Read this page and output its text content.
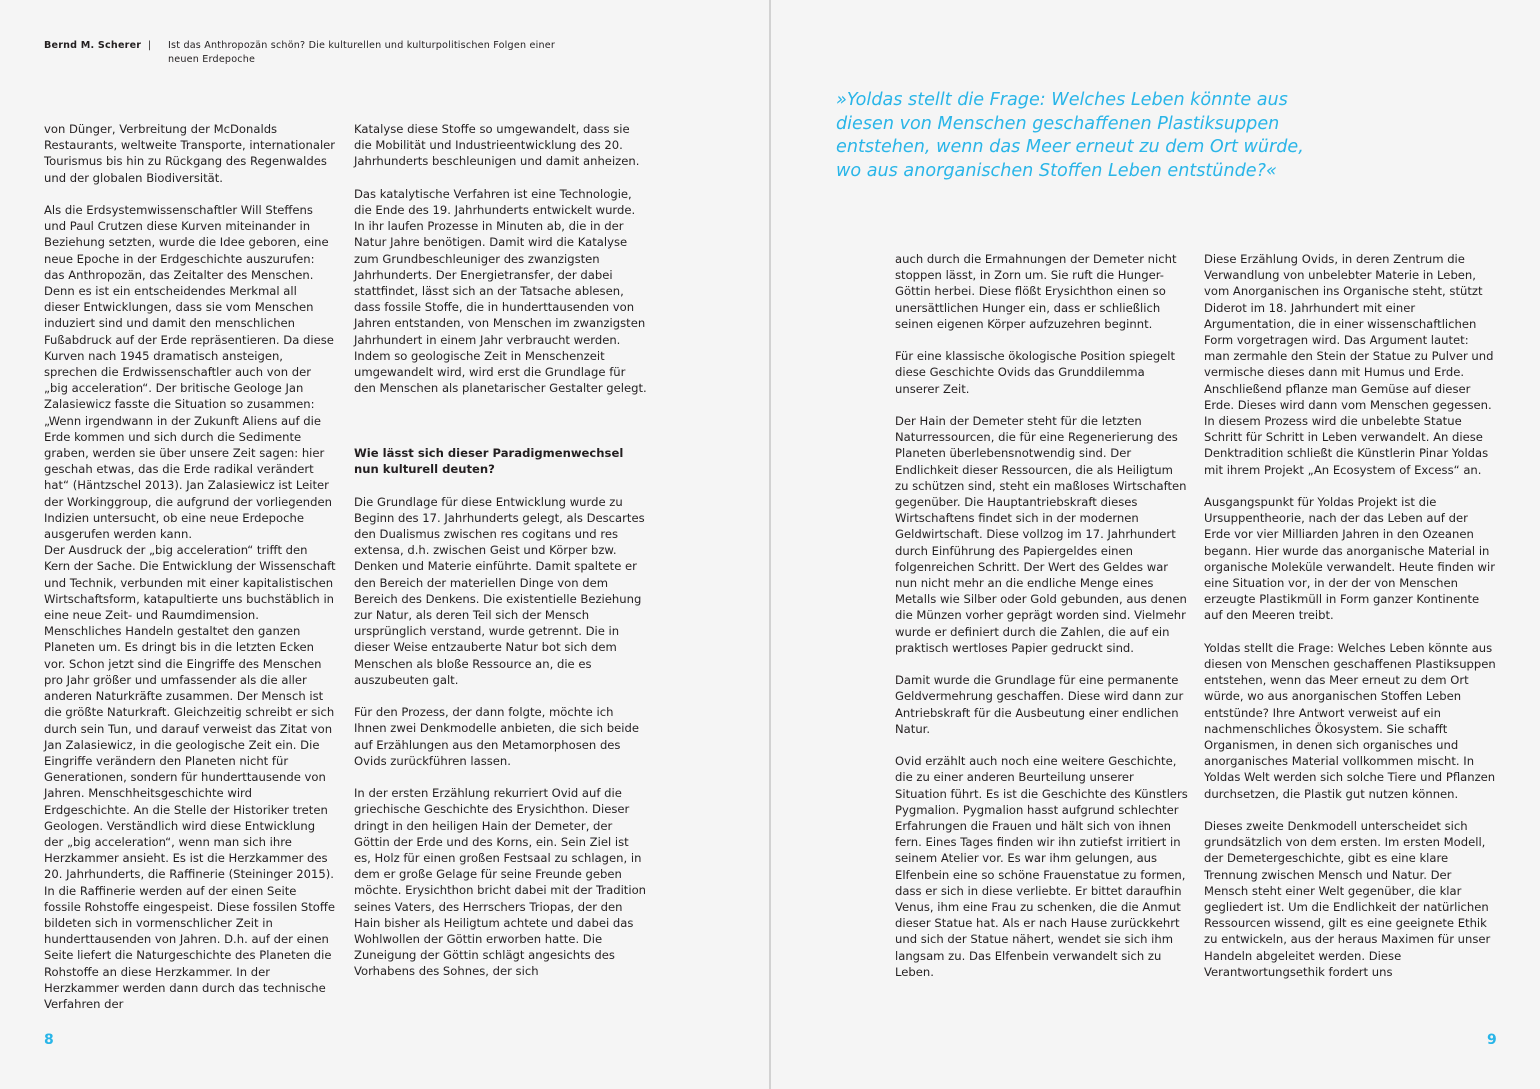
Bernd M. Scherer | Ist das Anthropozän schön? Die kulturellen und kulturpolitischen Folgen einer neuen Erdepoche

von Dünger, Verbreitung der McDonalds Restaurants, weltweite Transporte, internationaler Tourismus bis hin zu Rückgang des Regenwaldes und der globalen Biodiversität.

Als die Erdsystemwissenschaftler Will Steffens und Paul Crutzen diese Kurven miteinander in Beziehung setzten, wurde die Idee geboren, eine neue Epoche in der Erdgeschichte auszurufen: das Anthropozän, das Zeitalter des Menschen. Denn es ist ein entscheidendes Merkmal all dieser Entwicklungen, dass sie vom Menschen induziert sind und damit den menschlichen Fußabdruck auf der Erde repräsentieren. Da diese Kurven nach 1945 dramatisch ansteigen, sprechen die Erdwissenschaftler auch von der „big acceleration“. Der britische Geologe Jan Zalasiewicz fasste die Situation so zusammen: „Wenn irgendwann in der Zukunft Aliens auf die Erde kommen und sich durch die Sedimente graben, werden sie über unsere Zeit sagen: hier geschah etwas, das die Erde radikal verändert hat“ (Häntzschel 2013). Jan Zalasiewicz ist Leiter der Workinggroup, die aufgrund der vorliegenden Indizien untersucht, ob eine neue Erdepoche ausgerufen werden kann.

Der Ausdruck der „big acceleration“ trifft den Kern der Sache. Die Entwicklung der Wissenschaft und Technik, verbunden mit einer kapitalistischen Wirtschaftsform, katapultierte uns buchstäblich in eine neue Zeit- und Raumdimension. Menschliches Handeln gestaltet den ganzen Planeten um. Es dringt bis in die letzten Ecken vor. Schon jetzt sind die Eingriffe des Menschen pro Jahr größer und umfassender als die aller anderen Naturkräfte zusammen. Der Mensch ist die größte Naturkraft. Gleichzeitig schreibt er sich durch sein Tun, und darauf verweist das Zitat von Jan Zalasiewicz, in die geologische Zeit ein. Die Eingriffe verändern den Planeten nicht für Generationen, sondern für hunderttausende von Jahren. Menschheitsgeschichte wird Erdgeschichte. An die Stelle der Historiker treten Geologen. Verständlich wird diese Entwicklung der „big acceleration“, wenn man sich ihre Herzkammer ansieht. Es ist die Herzkammer des 20. Jahrhunderts, die Raffinerie (Steininger 2015). In die Raffinerie werden auf der einen Seite fossile Rohstoffe eingespeist. Diese fossilen Stoffe bildeten sich in vormenschlicher Zeit in hunderttausenden von Jahren. D.h. auf der einen Seite liefert die Naturgeschichte des Planeten die Rohstoffe an diese Herzkammer. In der Herzkammer werden dann durch das technische Verfahren der

Katalyse diese Stoffe so umgewandelt, dass sie die Mobilität und Industrieentwicklung des 20. Jahrhunderts beschleunigen und damit anheizen.

Das katalytische Verfahren ist eine Technologie, die Ende des 19. Jahrhunderts entwickelt wurde. In ihr laufen Prozesse in Minuten ab, die in der Natur Jahre benötigen. Damit wird die Katalyse zum Grundbeschleuniger des zwanzigsten Jahrhunderts. Der Energietransfer, der dabei stattfindet, lässt sich an der Tatsache ablesen, dass fossile Stoffe, die in hunderttausenden von Jahren entstanden, von Menschen im zwanzigsten Jahrhundert in einem Jahr verbraucht werden. Indem so geologische Zeit in Menschenzeit umgewandelt wird, wird erst die Grundlage für den Menschen als planetarischer Gestalter gelegt.

Wie lässt sich dieser Paradigmenwechsel nun kulturell deuten?

Die Grundlage für diese Entwicklung wurde zu Beginn des 17. Jahrhunderts gelegt, als Descartes den Dualismus zwischen res cogitans und res extensa, d.h. zwischen Geist und Körper bzw. Denken und Materie einführte. Damit spaltete er den Bereich der materiellen Dinge von dem Bereich des Denkens. Die existentielle Beziehung zur Natur, als deren Teil sich der Mensch ursprünglich verstand, wurde getrennt. Die in dieser Weise entzauberte Natur bot sich dem Menschen als bloße Ressource an, die es auszubeuten galt.

Für den Prozess, der dann folgte, möchte ich Ihnen zwei Denkmodelle anbieten, die sich beide auf Erzählungen aus den Metamorphosen des Ovids zurückführen lassen.

In der ersten Erzählung rekurriert Ovid auf die griechische Geschichte des Erysichthon. Dieser dringt in den heiligen Hain der Demeter, der Göttin der Erde und des Korns, ein. Sein Ziel ist es, Holz für einen großen Festsaal zu schlagen, in dem er große Gelage für seine Freunde geben möchte. Erysichthon bricht dabei mit der Tradition seines Vaters, des Herrschers Triopas, der den Hain bisher als Heiligtum achtete und dabei das Wohlwollen der Göttin erworben hatte. Die Zuneigung der Göttin schlägt angesichts des Vorhabens des Sohnes, der sich

8
»Yoldas stellt die Frage: Welches Leben könnte aus diesen von Menschen geschaffenen Plastiksuppen entstehen, wenn das Meer erneut zu dem Ort würde, wo aus anorganischen Stoffen Leben entstünde?«

auch durch die Ermahnungen der Demeter nicht stoppen lässt, in Zorn um. Sie ruft die Hunger-Göttin herbei. Diese flößt Erysichthon einen so unersättlichen Hunger ein, dass er schließlich seinen eigenen Körper aufzuzehren beginnt.

Für eine klassische ökologische Position spiegelt diese Geschichte Ovids das Grunddilemma unserer Zeit.

Der Hain der Demeter steht für die letzten Naturressourcen, die für eine Regenerierung des Planeten überlebensnotwendig sind. Der Endlichkeit dieser Ressourcen, die als Heiligtum zu schützen sind, steht ein maßloses Wirtschaften gegenüber. Die Hauptantriebskraft dieses Wirtschaftens findet sich in der modernen Geldwirtschaft. Diese vollzog im 17. Jahrhundert durch Einführung des Papiergeldes einen folgenreichen Schritt. Der Wert des Geldes war nun nicht mehr an die endliche Menge eines Metalls wie Silber oder Gold gebunden, aus denen die Münzen vorher geprägt worden sind. Vielmehr wurde er definiert durch die Zahlen, die auf ein praktisch wertloses Papier gedruckt sind.

Damit wurde die Grundlage für eine permanente Geldvermehrung geschaffen. Diese wird dann zur Antriebskraft für die Ausbeutung einer endlichen Natur.

Ovid erzählt auch noch eine weitere Geschichte, die zu einer anderen Beurteilung unserer Situation führt. Es ist die Geschichte des Künstlers Pygmalion. Pygmalion hasst aufgrund schlechter Erfahrungen die Frauen und hält sich von ihnen fern. Eines Tages finden wir ihn zutiefst irritiert in seinem Atelier vor. Es war ihm gelungen, aus Elfenbein eine so schöne Frauenstatue zu formen, dass er sich in diese verliebte. Er bittet daraufhin Venus, ihm eine Frau zu schenken, die die Anmut dieser Statue hat. Als er nach Hause zurückkehrt und sich der Statue nähert, wendet sie sich ihm langsam zu. Das Elfenbein verwandelt sich zu Leben.

Diese Erzählung Ovids, in deren Zentrum die Verwandlung von unbelebter Materie in Leben, vom Anorganischen ins Organische steht, stützt Diderot im 18. Jahrhundert mit einer Argumentation, die in einer wissenschaftlichen Form vorgetragen wird. Das Argument lautet: man zermahle den Stein der Statue zu Pulver und vermische dieses dann mit Humus und Erde. Anschließend pflanze man Gemüse auf dieser Erde. Dieses wird dann vom Menschen gegessen. In diesem Prozess wird die unbelebte Statue Schritt für Schritt in Leben verwandelt. An diese Denktradition schließt die Künstlerin Pinar Yoldas mit ihrem Projekt „An Ecosystem of Excess“ an.

Ausgangspunkt für Yoldas Projekt ist die Ursuppentheorie, nach der das Leben auf der Erde vor vier Milliarden Jahren in den Ozeanen begann. Hier wurde das anorganische Material in organische Moleküle verwandelt. Heute finden wir eine Situation vor, in der der von Menschen erzeugte Plastikmüll in Form ganzer Kontinente auf den Meeren treibt.

Yoldas stellt die Frage: Welches Leben könnte aus diesen von Menschen geschaffenen Plastiksuppen entstehen, wenn das Meer erneut zu dem Ort würde, wo aus anorganischen Stoffen Leben entstünde? Ihre Antwort verweist auf ein nachmenschliches Ökosystem. Sie schafft Organismen, in denen sich organisches und anorganisches Material vollkommen mischt. In Yoldas Welt werden sich solche Tiere und Pflanzen durchsetzen, die Plastik gut nutzen können.

Dieses zweite Denkmodell unterscheidet sich grundsätzlich von dem ersten. Im ersten Modell, der Demetergeschichte, gibt es eine klare Trennung zwischen Mensch und Natur. Der Mensch steht einer Welt gegenüber, die klar gegliedert ist. Um die Endlichkeit der natürlichen Ressourcen wissend, gilt es eine geeignete Ethik zu entwickeln, aus der heraus Maximen für unser Handeln abgeleitet werden. Diese Verantwortungsethik fordert uns

9
